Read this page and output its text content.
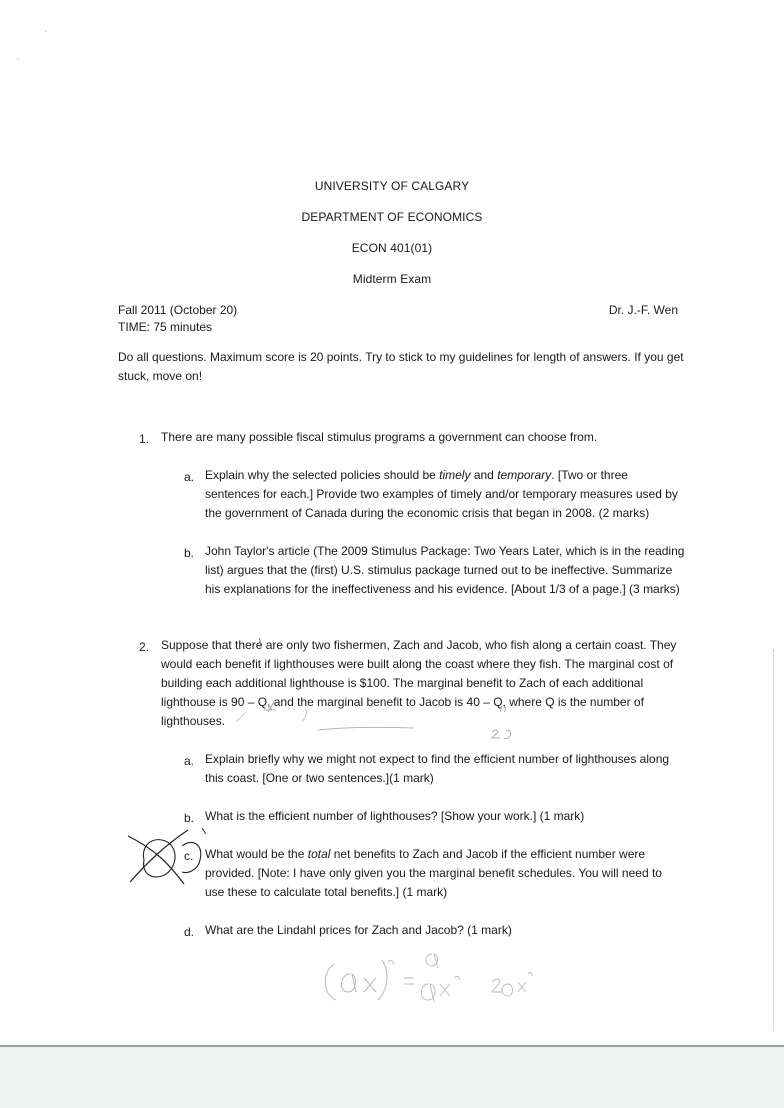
-
'
UNIVERSITY OF CALGARY
DEPARTMENT OF ECONOMICS
ECON 401(01)
Midterm Exam
Fall 2011 (October 20)
TIME: 75 minutes
Dr. J.-F. Wen
Do all questions. Maximum score is 20 points. Try to stick to my guidelines for length of answers. If you get stuck, move on!
1. There are many possible fiscal stimulus programs a government can choose from.
a. Explain why the selected policies should be timely and temporary. [Two or three sentences for each.] Provide two examples of timely and/or temporary measures used by the government of Canada during the economic crisis that began in 2008. (2 marks)
b. John Taylor's article (The 2009 Stimulus Package: Two Years Later, which is in the reading list) argues that the (first) U.S. stimulus package turned out to be ineffective. Summarize his explanations for the ineffectiveness and his evidence. [About 1/3 of a page.] (3 marks)
2. Suppose that there are only two fishermen, Zach and Jacob, who fish along a certain coast. They would each benefit if lighthouses were built along the coast where they fish. The marginal cost of building each additional lighthouse is $100. The marginal benefit to Zach of each additional lighthouse is 90 – Q, and the marginal benefit to Jacob is 40 – Q, where Q is the number of lighthouses.
a. Explain briefly why we might not expect to find the efficient number of lighthouses along this coast. [One or two sentences.](1 mark)
b. What is the efficient number of lighthouses? [Show your work.] (1 mark)
c. What would be the total net benefits to Zach and Jacob if the efficient number were provided. [Note: I have only given you the marginal benefit schedules. You will need to use these to calculate total benefits.] (1 mark)
d. What are the Lindahl prices for Zach and Jacob? (1 mark)
